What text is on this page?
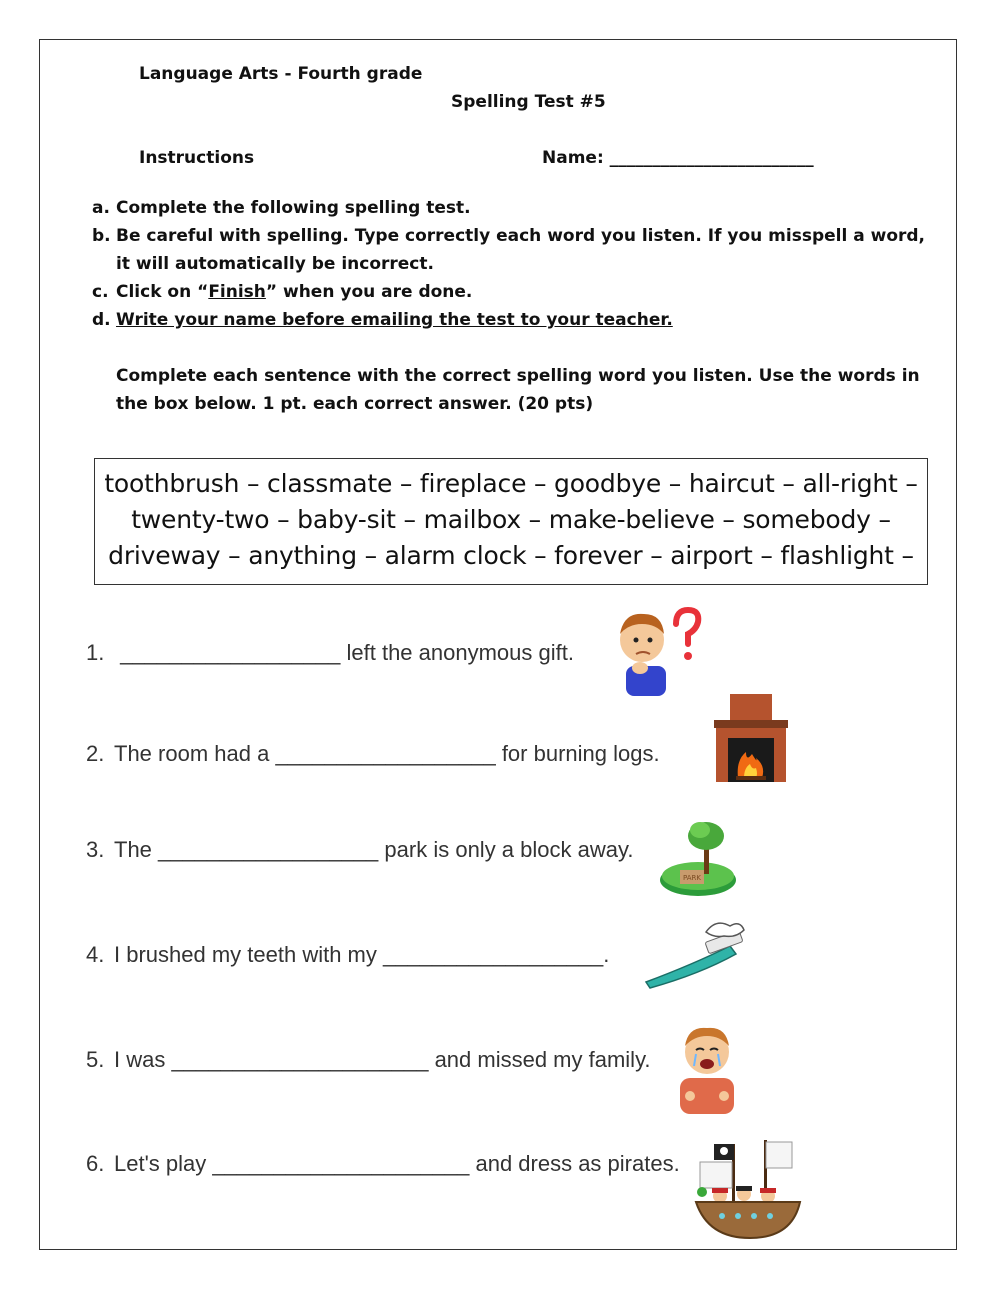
Language Arts - Fourth grade
Spelling Test #5
Instructions	Name: ________________________
a. Complete the following spelling test.
b. Be careful with spelling. Type correctly each word you listen. If you misspell a word,
it will automatically be incorrect.
c. Click on “Finish” when you are done.
d. Write your name before emailing the test to your teacher.
Complete each sentence with the correct spelling word you listen. Use the words in
the box below. 1 pt. each correct answer. (20 pts)
toothbrush – classmate – fireplace – goodbye – haircut – all-right –
twenty-two – baby-sit – mailbox – make-believe – somebody –
driveway – anything – alarm clock – forever – airport – flashlight –
1. __________________ left the anonymous gift.
2. The room had a __________________ for burning logs.
3. The __________________ park is only a block away.
4. I brushed my teeth with my __________________.
5. I was _____________________ and missed my family.
6. Let's play _____________________ and dress as pirates.
PARK
